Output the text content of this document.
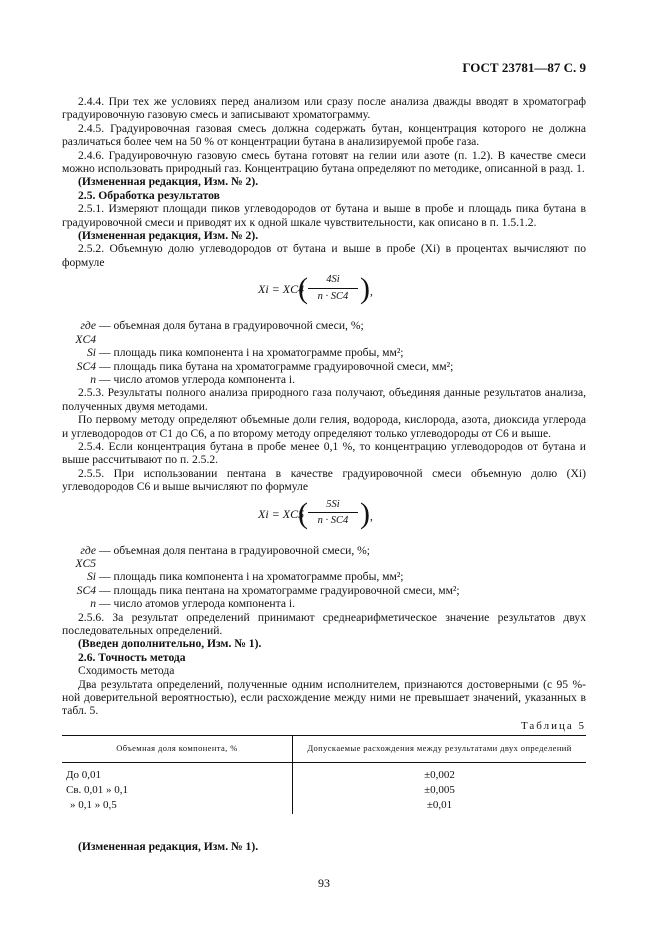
ГОСТ 23781—87 С. 9

2.4.4. При тех же условиях перед анализом или сразу после анализа дважды вводят в хроматограф градуировочную газовую смесь и записывают хроматограмму.

2.4.5. Градуировочная газовая смесь должна содержать бутан, концентрация которого не должна различаться более чем на 50 % от концентрации бутана в анализируемой пробе газа.

2.4.6. Градуировочную газовую смесь бутана готовят на гелии или азоте (п. 1.2). В качестве смеси можно использовать природный газ. Концентрацию бутана определяют по методике, описанной в разд. 1.

(Измененная редакция, Изм. № 2).

2.5. Обработка результатов

2.5.1. Измеряют площади пиков углеводородов от бутана и выше в пробе и площадь пика бутана в градуировочной смеси и приводят их к одной шкале чувствительности, как описано в п. 1.5.1.2.

(Измененная редакция, Изм. № 2).

2.5.2. Объемную долю углеводородов от бутана и выше в пробе (Xi) в процентах вычисляют по формуле

Xi = XC4
( $\frac{4Si}{n \cdot SC4}$ ) ,
где XC4
— объемная доля бутана в градуировочной смеси, %;
Si — площадь пика компонента i на хроматограмме пробы, мм²;
SC4 — площадь пика бутана на хроматограмме градуировочной смеси, мм²;
n — число атомов углерода компонента i.

2.5.3. Результаты полного анализа природного газа получают, объединяя данные результатов анализа, полученных двумя методами.

По первому методу определяют объемные доли гелия, водорода, кислорода, азота, диоксида углерода и углеводородов от C1 до C6, а по второму методу определяют только углеводороды от C6 и выше.

2.5.4. Если концентрация бутана в пробе менее 0,1 %, то концентрацию углеводородов от бутана и выше рассчитывают по п. 2.5.2.

2.5.5. При использовании пентана в качестве градуировочной смеси объемную долю (Xi) углеводородов C6 и выше вычисляют по формуле

Xi = XC5
( $\frac{5Si}{n \cdot SC4}$ ) ,
где XC5
— объемная доля пентана в градуировочной смеси, %;
Si — площадь пика компонента i на хроматограмме пробы, мм²;
SC4 — площадь пика пентана на хроматограмме градуировочной смеси, мм²;
n — число атомов углерода компонента i.

2.5.6. За результат определений принимают среднеарифметическое значение результатов двух последовательных определений.

(Введен дополнительно, Изм. № 1).

2.6. Точность метода

Сходимость метода

Два результата определений, полученные одним исполнителем, признаются достоверными (с 95 %-ной доверительной вероятностью), если расхождение между ними не превышает значений, указанных в табл. 5.

Таблица 5
Объемная доля компонента, %	Допускаемые расхождения между результатами двух определений
До 0,01	±0,002
Св. 0,01 » 0,1	±0,005
» 0,1 » 0,5	±0,01

(Измененная редакция, Изм. № 1).

93
